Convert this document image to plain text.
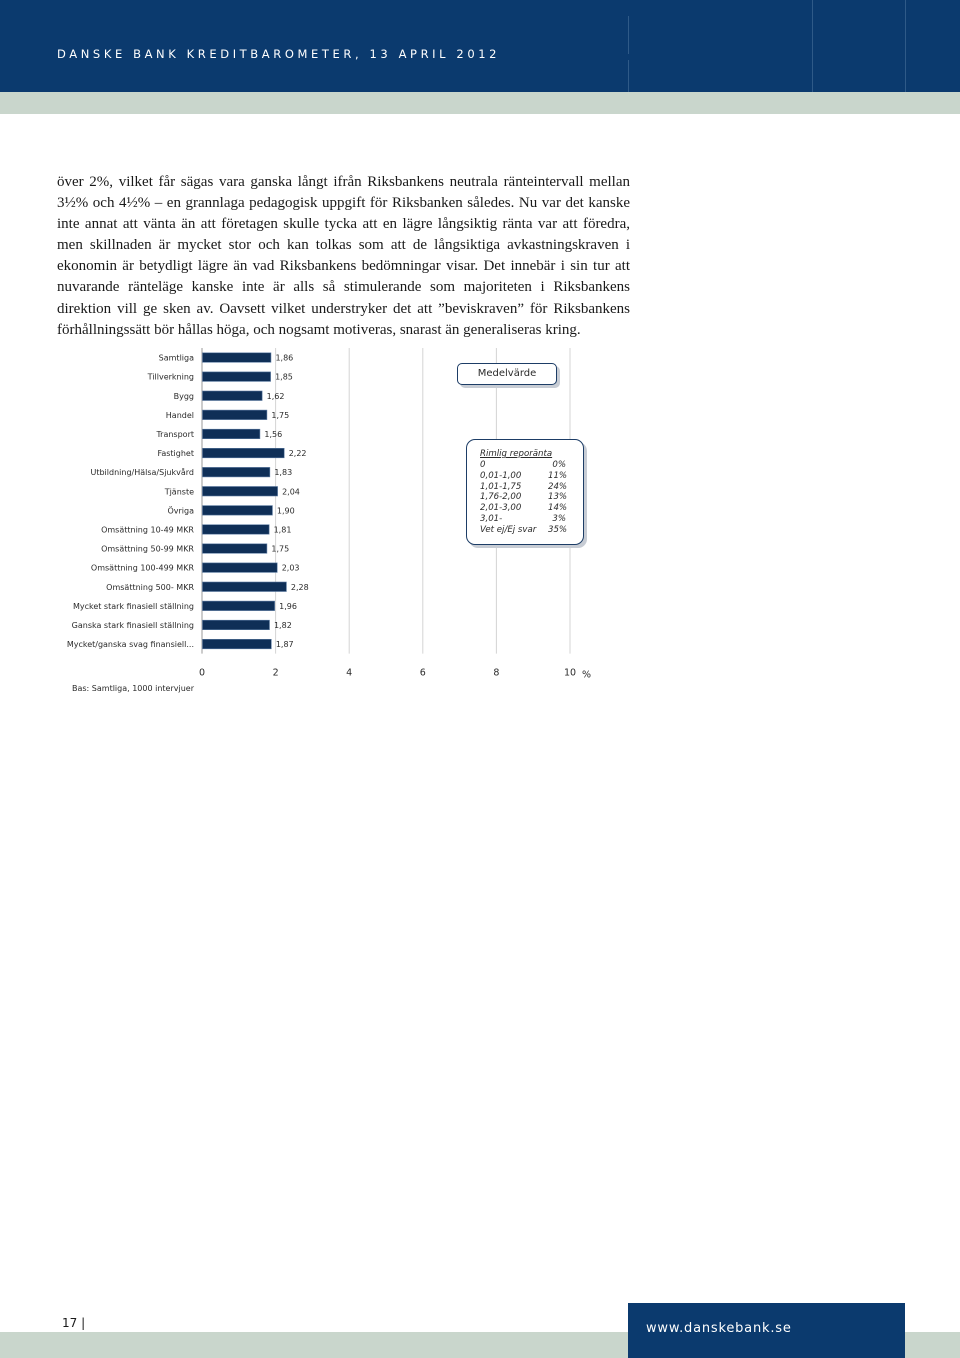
DANSKE BANK KREDITBAROMETER, 13 APRIL 2012
över 2%, vilket får sägas vara ganska långt ifrån Riksbankens neutrala ränteintervall mellan 3½% och 4½% – en grannlaga pedagogisk uppgift för Riksbanken således. Nu var det kanske inte annat att vänta än att företagen skulle tycka att en lägre långsiktig ränta var att föredra, men skillnaden är mycket stor och kan tolkas som att de långsiktiga avkastningskraven i ekonomin är betydligt lägre än vad Riksbankens bedömningar visar. Det innebär i sin tur att nuvarande ränteläge kanske inte är alls så stimulerande som majoriteten i Riksbankens direktion vill ge sken av. Oavsett vilket understryker det att ”beviskraven” för Riksbankens förhållningssätt bör hållas höga, och nogsamt motiveras, snarast än generaliseras kring.
Samtliga	1,86
Tillverkning	1,85
Bygg	1,62
Handel	1,75
Transport	1,56
Fastighet	2,22
Utbildning/Hälsa/Sjukvård	1,83
Tjänste	2,04
Övriga	1,90
Omsättning 10-49 MKR	1,81
Omsättning 50-99 MKR	1,75
Omsättning 100-499 MKR	2,03
Omsättning 500- MKR	2,28
Mycket stark finasiell ställning	1,96
Ganska stark finasiell ställning	1,82
Mycket/ganska svag finansiell...	1,87
0	2	4	6	8	10 %
Medelvärde
Rimlig reporänta
0	0%
0,01-1,00	11%
1,01-1,75	24%
1,76-2,00	13%
2,01-3,00	14%
3,01-	3%
Vet ej/Ej svar	35%
Bas: Samtliga, 1000 intervjuer
17 |	www.danskebank.se
